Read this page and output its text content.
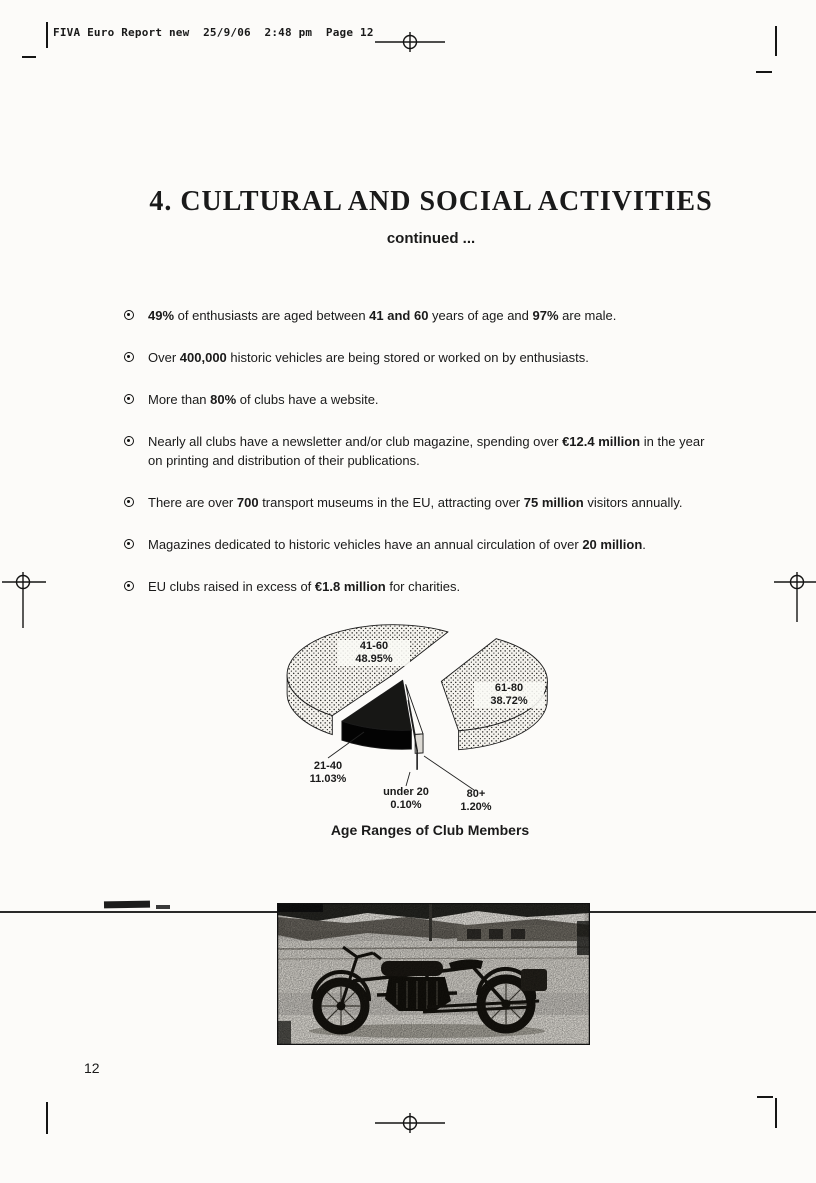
FIVA Euro Report new  25/9/06  2:48 pm  Page 12
4. CULTURAL AND SOCIAL ACTIVITIES
continued ...
49% of enthusiasts are aged between 41 and 60 years of age and 97% are male.
Over 400,000 historic vehicles are being stored or worked on by enthusiasts.
More than 80% of clubs have a website.
Nearly all clubs have a newsletter and/or club magazine, spending over €12.4 million in the year on printing and distribution of their publications.
There are over 700 transport museums in the EU, attracting over 75 million visitors annually.
Magazines dedicated to historic vehicles have an annual circulation of over 20 million.
EU clubs raised in excess of €1.8 million for charities.
41-60
48.95%
61-80
38.72%
80+
1.20%
under 20
0.10%
21-40
11.03%
Age Ranges of Club Members
12
